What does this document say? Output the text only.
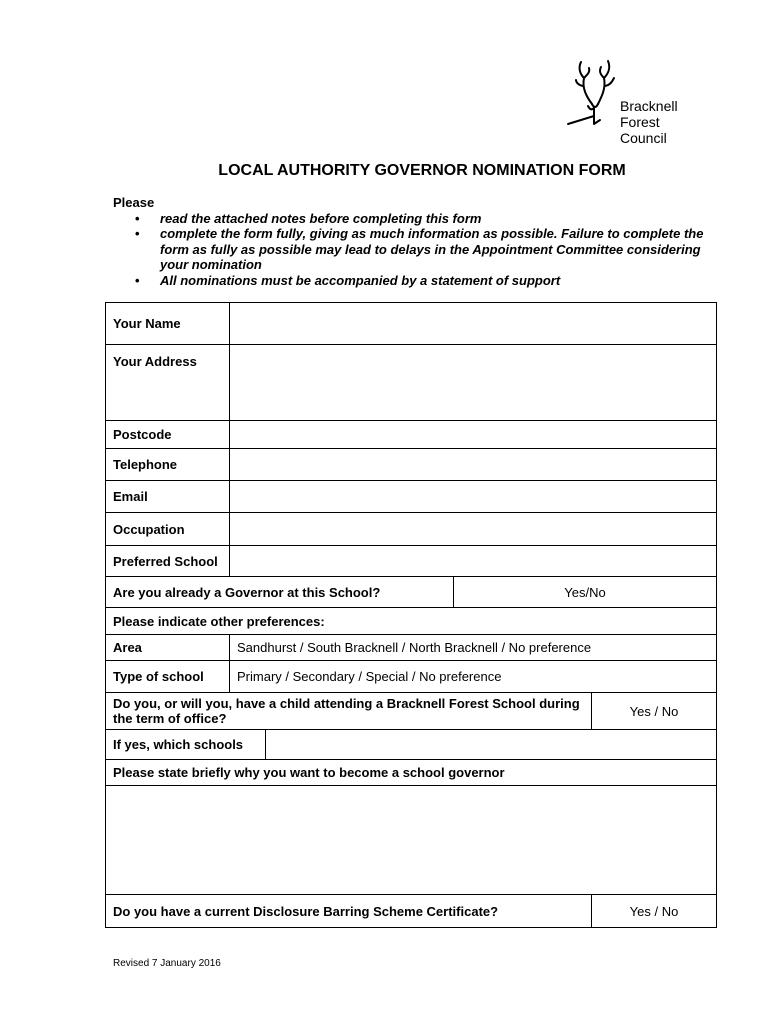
Bracknell
Forest
Council
LOCAL AUTHORITY GOVERNOR NOMINATION FORM
Please
• read the attached notes before completing this form
• complete the form fully, giving as much information as possible. Failure to complete the form as fully as possible may lead to delays in the Appointment Committee considering your nomination
• All nominations must be accompanied by a statement of support
Your Name				
Your Address				
Postcode				
Telephone				
Email				
Occupation				
Preferred School				
Are you already a Governor at this School?			Yes/No	
Please indicate other preferences:				
Area	Sandhurst / South Bracknell / North Bracknell / No preference			
Type of school	Primary / Secondary / Special / No preference			
Do you, or will you, have a child attending a Bracknell Forest School during the term of office?				Yes / No
If yes, which schools				
Please state briefly why you want to become a school governor				

Do you have a current Disclosure Barring Scheme Certificate?				Yes / No
Revised 7 January 2016
